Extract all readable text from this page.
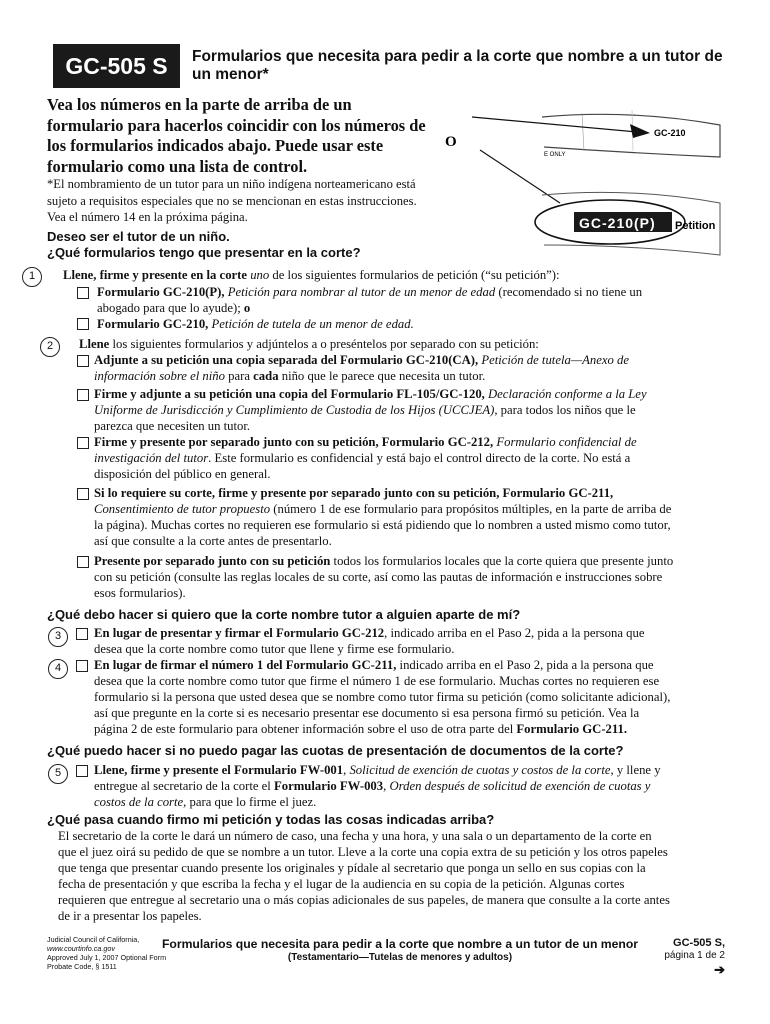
GC-505 S	Formularios que necesita para pedir a la corte que nombre a un tutor de un menor*
Vea los números en la parte de arriba de un formulario para hacerlos coincidir con los números de los formularios indicados abajo. Puede usar este formulario como una lista de control.
*El nombramiento de un tutor para un niño indígena norteamericano está sujeto a requisitos especiales que no se mencionan en estas instrucciones. Vea el número 14 en la próxima página.
GC-210
E ONLY
O
GC-210(P) Petition
Deseo ser el tutor de un niño.
¿Qué formularios tengo que presentar en la corte?
1	Llene, firme y presente en la corte uno de los siguientes formularios de petición (“su petición”):
Formulario GC-210(P), Petición para nombrar al tutor de un menor de edad (recomendado si no tiene un
abogado para que lo ayude); o
Formulario GC-210, Petición de tutela de un menor de edad.
2	Llene los siguientes formularios y adjúntelos a o preséntelos por separado con su petición:
Adjunte a su petición una copia separada del Formulario GC-210(CA), Petición de tutela—Anexo de
información sobre el niño para cada niño que le parece que necesita un tutor.
Firme y adjunte a su petición una copia del Formulario FL-105/GC-120, Declaración conforme a la Ley
Uniforme de Jurisdicción y Cumplimiento de Custodia de los Hijos (UCCJEA), para todos los niños que le
parezca que necesiten un tutor.
Firme y presente por separado junto con su petición, Formulario GC-212, Formulario confidencial de
investigación del tutor. Este formulario es confidencial y está bajo el control directo de la corte. No está a
disposición del público en general.
Si lo requiere su corte, firme y presente por separado junto con su petición, Formulario GC-211,
Consentimiento de tutor propuesto (número 1 de ese formulario para propósitos múltiples, en la parte de arriba de
la página). Muchas cortes no requieren ese formulario si está pidiendo que lo nombren a usted mismo como tutor,
así que consulte a la corte antes de presentarlo.
Presente por separado junto con su petición todos los formularios locales que la corte quiera que presente junto
con su petición (consulte las reglas locales de su corte, así como las pautas de información e instrucciones sobre
esos formularios).
¿Qué debo hacer si quiero que la corte nombre tutor a alguien aparte de mí?
3	En lugar de presentar y firmar el Formulario GC-212, indicado arriba en el Paso 2, pida a la persona que
desea que la corte nombre como tutor que llene y firme ese formulario.
4	En lugar de firmar el número 1 del Formulario GC-211, indicado arriba en el Paso 2, pida a la persona que
desea que la corte nombre como tutor que firme el número 1 de ese formulario. Muchas cortes no requieren ese
formulario si la persona que usted desea que se nombre como tutor firma su petición (como solicitante adicional),
así que pregunte en la corte si es necesario presentar ese documento si esa persona firmó su petición. Vea la
página 2 de este formulario para obtener información sobre el uso de otra parte del Formulario GC-211.
¿Qué puedo hacer si no puedo pagar las cuotas de presentación de documentos de la corte?
5	Llene, firme y presente el Formulario FW-001, Solicitud de exención de cuotas y costos de la corte, y llene y
entregue al secretario de la corte el Formulario FW-003, Orden después de solicitud de exención de cuotas y
costos de la corte, para que lo firme el juez.
¿Qué pasa cuando firmo mi petición y todas las cosas indicadas arriba?
El secretario de la corte le dará un número de caso, una fecha y una hora, y una sala o un departamento de la corte en
que el juez oirá su pedido de que se nombre a un tutor. Lleve a la corte una copia extra de su petición y los otros papeles
que tenga que presentar cuando presente los originales y pídale al secretario que ponga un sello en sus copias con la
fecha de presentación y que escriba la fecha y el lugar de la audiencia en su copia de la petición. Algunas cortes
requieren que entregue al secretario una o más copias adicionales de sus papeles, de manera que consulte a la corte antes
de ir a presentar los papeles.
Judicial Council of California,
www.courtinfo.ca.gov
Approved July 1, 2007 Optional Form
Probate Code, § 1511
Formularios que necesita para pedir a la corte que nombre a un tutor de un menor
(Testamentario—Tutelas de menores y adultos)
GC-505 S,
página 1 de 2
➔
